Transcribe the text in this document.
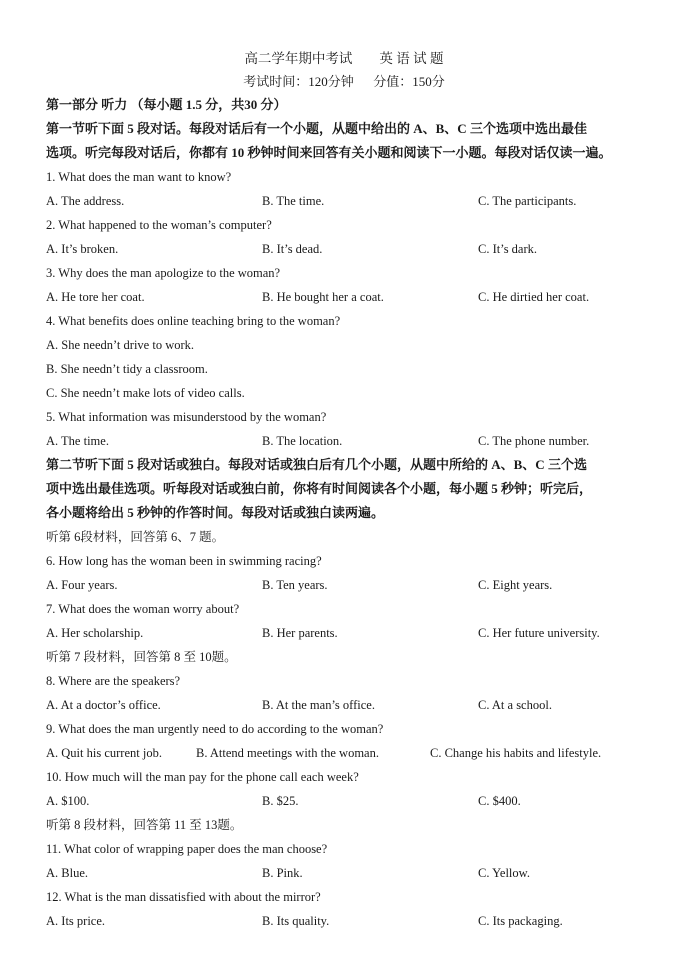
高二学年期中考试        英 语 试 题
考试时间：120分钟      分值：150分
第一部分 听力 （每小题 1.5 分，共30 分）
第一节听下面 5 段对话。每段对话后有一个小题，从题中给出的 A、B、C 三个选项中选出最佳
选项。听完每段对话后，你都有 10 秒钟时间来回答有关小题和阅读下一小题。每段对话仅读一遍。
1. What does the man want to know?
A. The address.	B. The time.	C. The participants.
2. What happened to the woman’s computer?
A. It’s broken.	B. It’s dead.	C. It’s dark.
3. Why does the man apologize to the woman?
A. He tore her coat.	B. He bought her a coat.	C. He dirtied her coat.
4. What benefits does online teaching bring to the woman?
A. She needn’t drive to work.
B. She needn’t tidy a classroom.
C. She needn’t make lots of video calls.
5. What information was misunderstood by the woman?
A. The time.	B. The location.	C. The phone number.
第二节听下面 5 段对话或独白。每段对话或独白后有几个小题，从题中所给的 A、B、C 三个选
项中选出最佳选项。听每段对话或独白前，你将有时间阅读各个小题，每小题 5 秒钟；听完后，
各小题将给出 5 秒钟的作答时间。每段对话或独白读两遍。
听第 6段材料，回答第 6、7 题。
6. How long has the woman been in swimming racing?
A. Four years.	B. Ten years.	C. Eight years.
7. What does the woman worry about?
A. Her scholarship.	B. Her parents.	C. Her future university.
听第 7 段材料，回答第 8 至 10题。
8. Where are the speakers?
A. At a doctor’s office.	B. At the man’s office.	C. At a school.
9. What does the man urgently need to do according to the woman?
A. Quit his current job.	B. Attend meetings with the woman.	C. Change his habits and lifestyle.
10. How much will the man pay for the phone call each week?
A. $100.	B. $25.	C. $400.
听第 8 段材料，回答第 11 至 13题。
11. What color of wrapping paper does the man choose?
A. Blue.	B. Pink.	C. Yellow.
12. What is the man dissatisfied with about the mirror?
A. Its price.	B. Its quality.	C. Its packaging.
